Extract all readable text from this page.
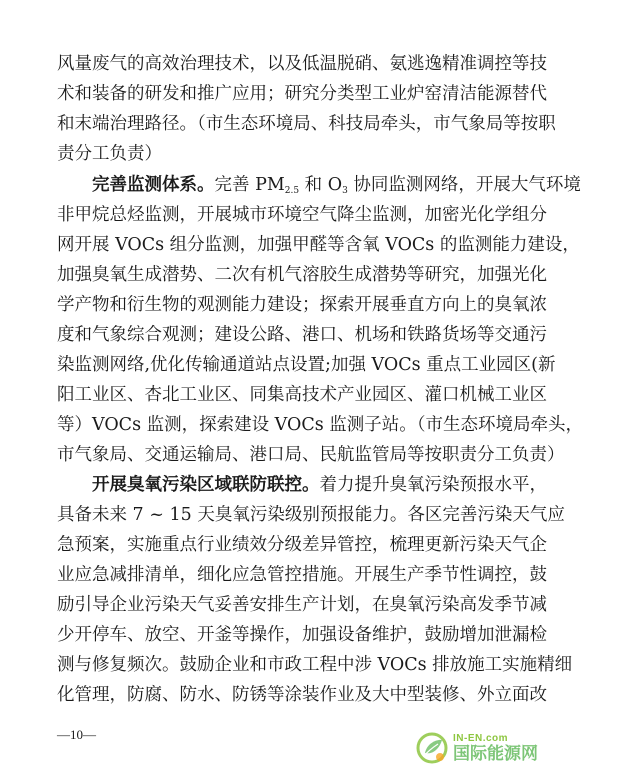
风量废气的高效治理技术，以及低温脱硝、氨逃逸精准调控等技
术和装备的研发和推广应用；研究分类型工业炉窑清洁能源替代
和末端治理路径。（市生态环境局、科技局牵头，市气象局等按职
责分工负责）
完善监测体系。完善 $PM_{2.5}$ 和 $O_3$ 协同监测网络，开展大气环境
非甲烷总烃监测，开展城市环境空气降尘监测，加密光化学组分
网开展 VOCs 组分监测，加强甲醛等含氧 VOCs 的监测能力建设，
加强臭氧生成潜势、二次有机气溶胶生成潜势等研究，加强光化
学产物和衍生物的观测能力建设；探索开展垂直方向上的臭氧浓
度和气象综合观测；建设公路、港口、机场和铁路货场等交通污
染监测网络,优化传输通道站点设置;加强 VOCs 重点工业园区(新
阳工业区、杏北工业区、同集高技术产业园区、灌口机械工业区
等）VOCs 监测，探索建设 VOCs 监测子站。（市生态环境局牵头，
市气象局、交通运输局、港口局、民航监管局等按职责分工负责）
开展臭氧污染区域联防联控。着力提升臭氧污染预报水平，
具备未来 7 ~ 15 天臭氧污染级别预报能力。各区完善污染天气应
急预案，实施重点行业绩效分级差异管控，梳理更新污染天气企
业应急减排清单，细化应急管控措施。开展生产季节性调控，鼓
励引导企业污染天气妥善安排生产计划，在臭氧污染高发季节减
少开停车、放空、开釜等操作，加强设备维护，鼓励增加泄漏检
测与修复频次。鼓励企业和市政工程中涉 VOCs 排放施工实施精细
化管理，防腐、防水、防锈等涂装作业及大中型装修、外立面改
—10—	IN-EN.com
国际能源网
